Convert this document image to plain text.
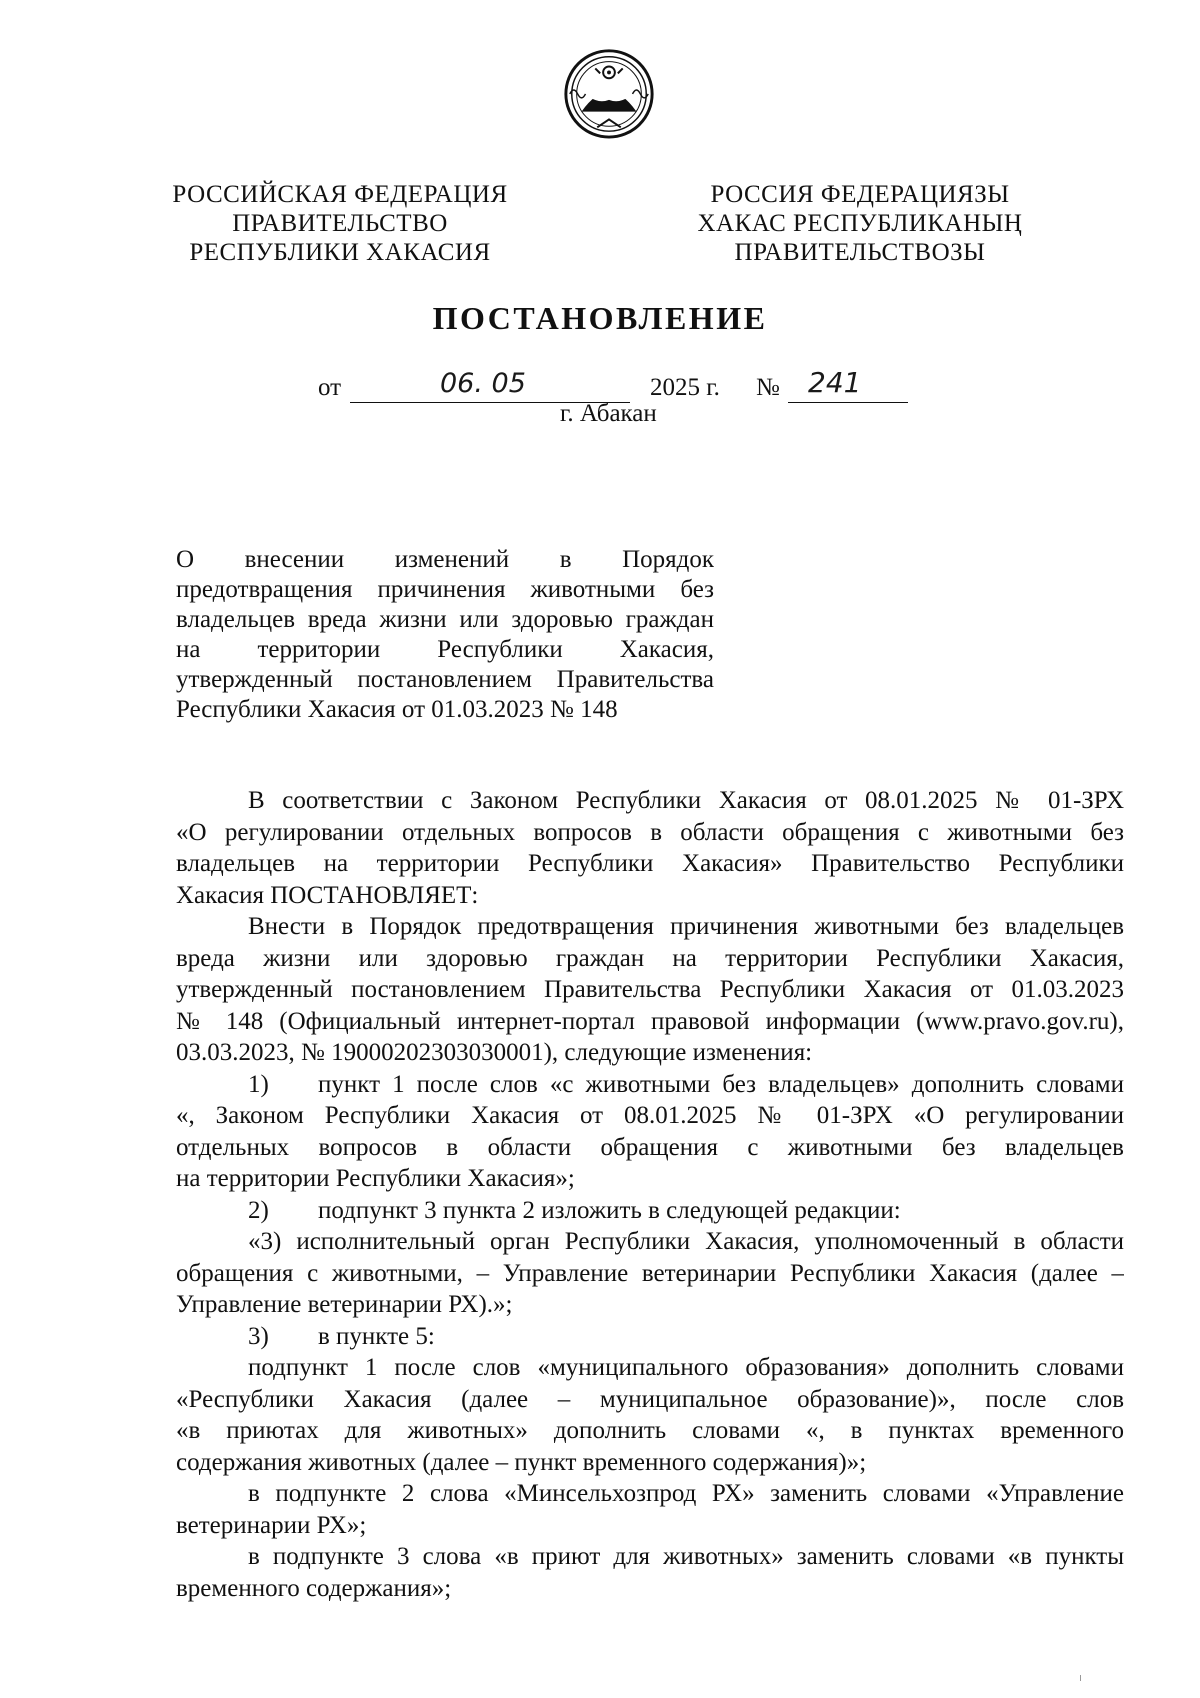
РОССИЙСКАЯ ФЕДЕРАЦИЯ
ПРАВИТЕЛЬСТВО
РЕСПУБЛИКИ ХАКАСИЯ
РОССИЯ ФЕДЕРАЦИЯЗЫ
ХАКАС РЕСПУБЛИКАНЫҢ
ПРАВИТЕЛЬСТВОЗЫ
ПОСТАНОВЛЕНИЕ
от	06. 05	2025 г. № 241
г. Абакан
О внесении изменений в Порядок
предотвращения причинения животными без
владельцев вреда жизни или здоровью граждан
на территории Республики Хакасия,
утвержденный постановлением Правительства
Республики Хакасия от 01.03.2023 № 148
В соответствии с Законом Республики Хакасия от 08.01.2025 № 01-ЗРХ
«О регулировании отдельных вопросов в области обращения с животными без
владельцев на территории Республики Хакасия» Правительство Республики
Хакасия ПОСТАНОВЛЯЕТ:
Внести в Порядок предотвращения причинения животными без владельцев
вреда жизни или здоровью граждан на территории Республики Хакасия,
утвержденный постановлением Правительства Республики Хакасия от 01.03.2023
№ 148 (Официальный интернет-портал правовой информации (www.pravo.gov.ru),
03.03.2023, № 19000202303030001), следующие изменения:
1)	пункт 1 после слов «с животными без владельцев» дополнить словами
«, Законом Республики Хакасия от 08.01.2025 № 01-ЗРХ «О регулировании
отдельных вопросов в области обращения с животными без владельцев
на территории Республики Хакасия»;
2)	подпункт 3 пункта 2 изложить в следующей редакции:
«3) исполнительный орган Республики Хакасия, уполномоченный в области
обращения с животными, – Управление ветеринарии Республики Хакасия (далее –
Управление ветеринарии РХ).»;
3)	в пункте 5:
подпункт 1 после слов «муниципального образования» дополнить словами
«Республики Хакасия (далее – муниципальное образование)», после слов
«в приютах для животных» дополнить словами «, в пунктах временного
содержания животных (далее – пункт временного содержания)»;
в подпункте 2 слова «Минсельхозпрод РХ» заменить словами «Управление
ветеринарии РХ»;
в подпункте 3 слова «в приют для животных» заменить словами «в пункты
временного содержания»;
